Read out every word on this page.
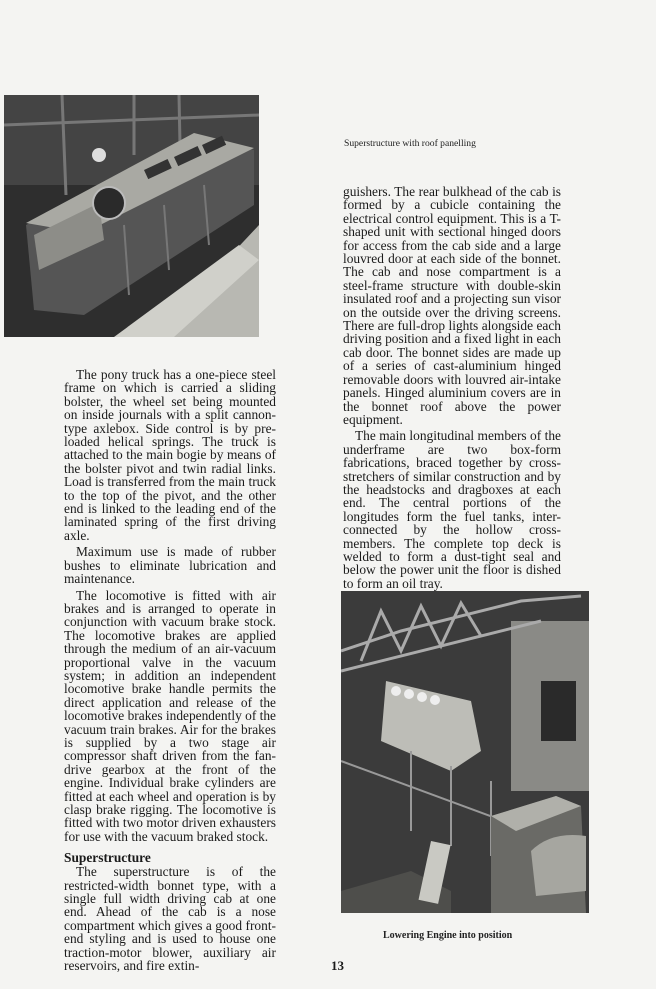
Superstructure with roof panelling

The pony truck has a one-piece steel frame on which is carried a sliding bolster, the wheel set being mounted on inside journals with a split cannon-type axlebox. Side control is by pre-loaded helical springs. The truck is attached to the main bogie by means of the bolster pivot and twin radial links. Load is transferred from the main truck to the top of the pivot, and the other end is linked to the leading end of the laminated spring of the first driving axle.

Maximum use is made of rubber bushes to eliminate lubrication and maintenance.

The locomotive is fitted with air brakes and is arranged to operate in conjunction with vacuum brake stock. The locomotive brakes are applied through the medium of an air-vacuum proportional valve in the vacuum system; in addition an independent locomotive brake handle permits the direct application and release of the locomotive brakes independently of the vacuum train brakes. Air for the brakes is supplied by a two stage air compressor shaft driven from the fan-drive gearbox at the front of the engine. Individual brake cylinders are fitted at each wheel and operation is by clasp brake rigging. The locomotive is fitted with two motor driven exhausters for use with the vacuum braked stock.

Superstructure

The superstructure is of the restricted-width bonnet type, with a single full width driving cab at one end. Ahead of the cab is a nose compartment which gives a good front-end styling and is used to house one traction-motor blower, auxiliary air reservoirs, and fire extin-

guishers. The rear bulkhead of the cab is formed by a cubicle containing the electrical control equipment. This is a T-shaped unit with sectional hinged doors for access from the cab side and a large louvred door at each side of the bonnet. The cab and nose compartment is a steel-frame structure with double-skin insulated roof and a projecting sun visor on the outside over the driving screens. There are full-drop lights alongside each driving position and a fixed light in each cab door. The bonnet sides are made up of a series of cast-aluminium hinged removable doors with louvred air-intake panels. Hinged aluminium covers are in the bonnet roof above the power equipment.

The main longitudinal members of the underframe are two box-form fabrications, braced together by cross-stretchers of similar construction and by the headstocks and dragboxes at each end. The central portions of the longitudes form the fuel tanks, inter-connected by the hollow cross-members. The complete top deck is welded to form a dust-tight seal and below the power unit the floor is dished to form an oil tray.

Lowering Engine into position
13
